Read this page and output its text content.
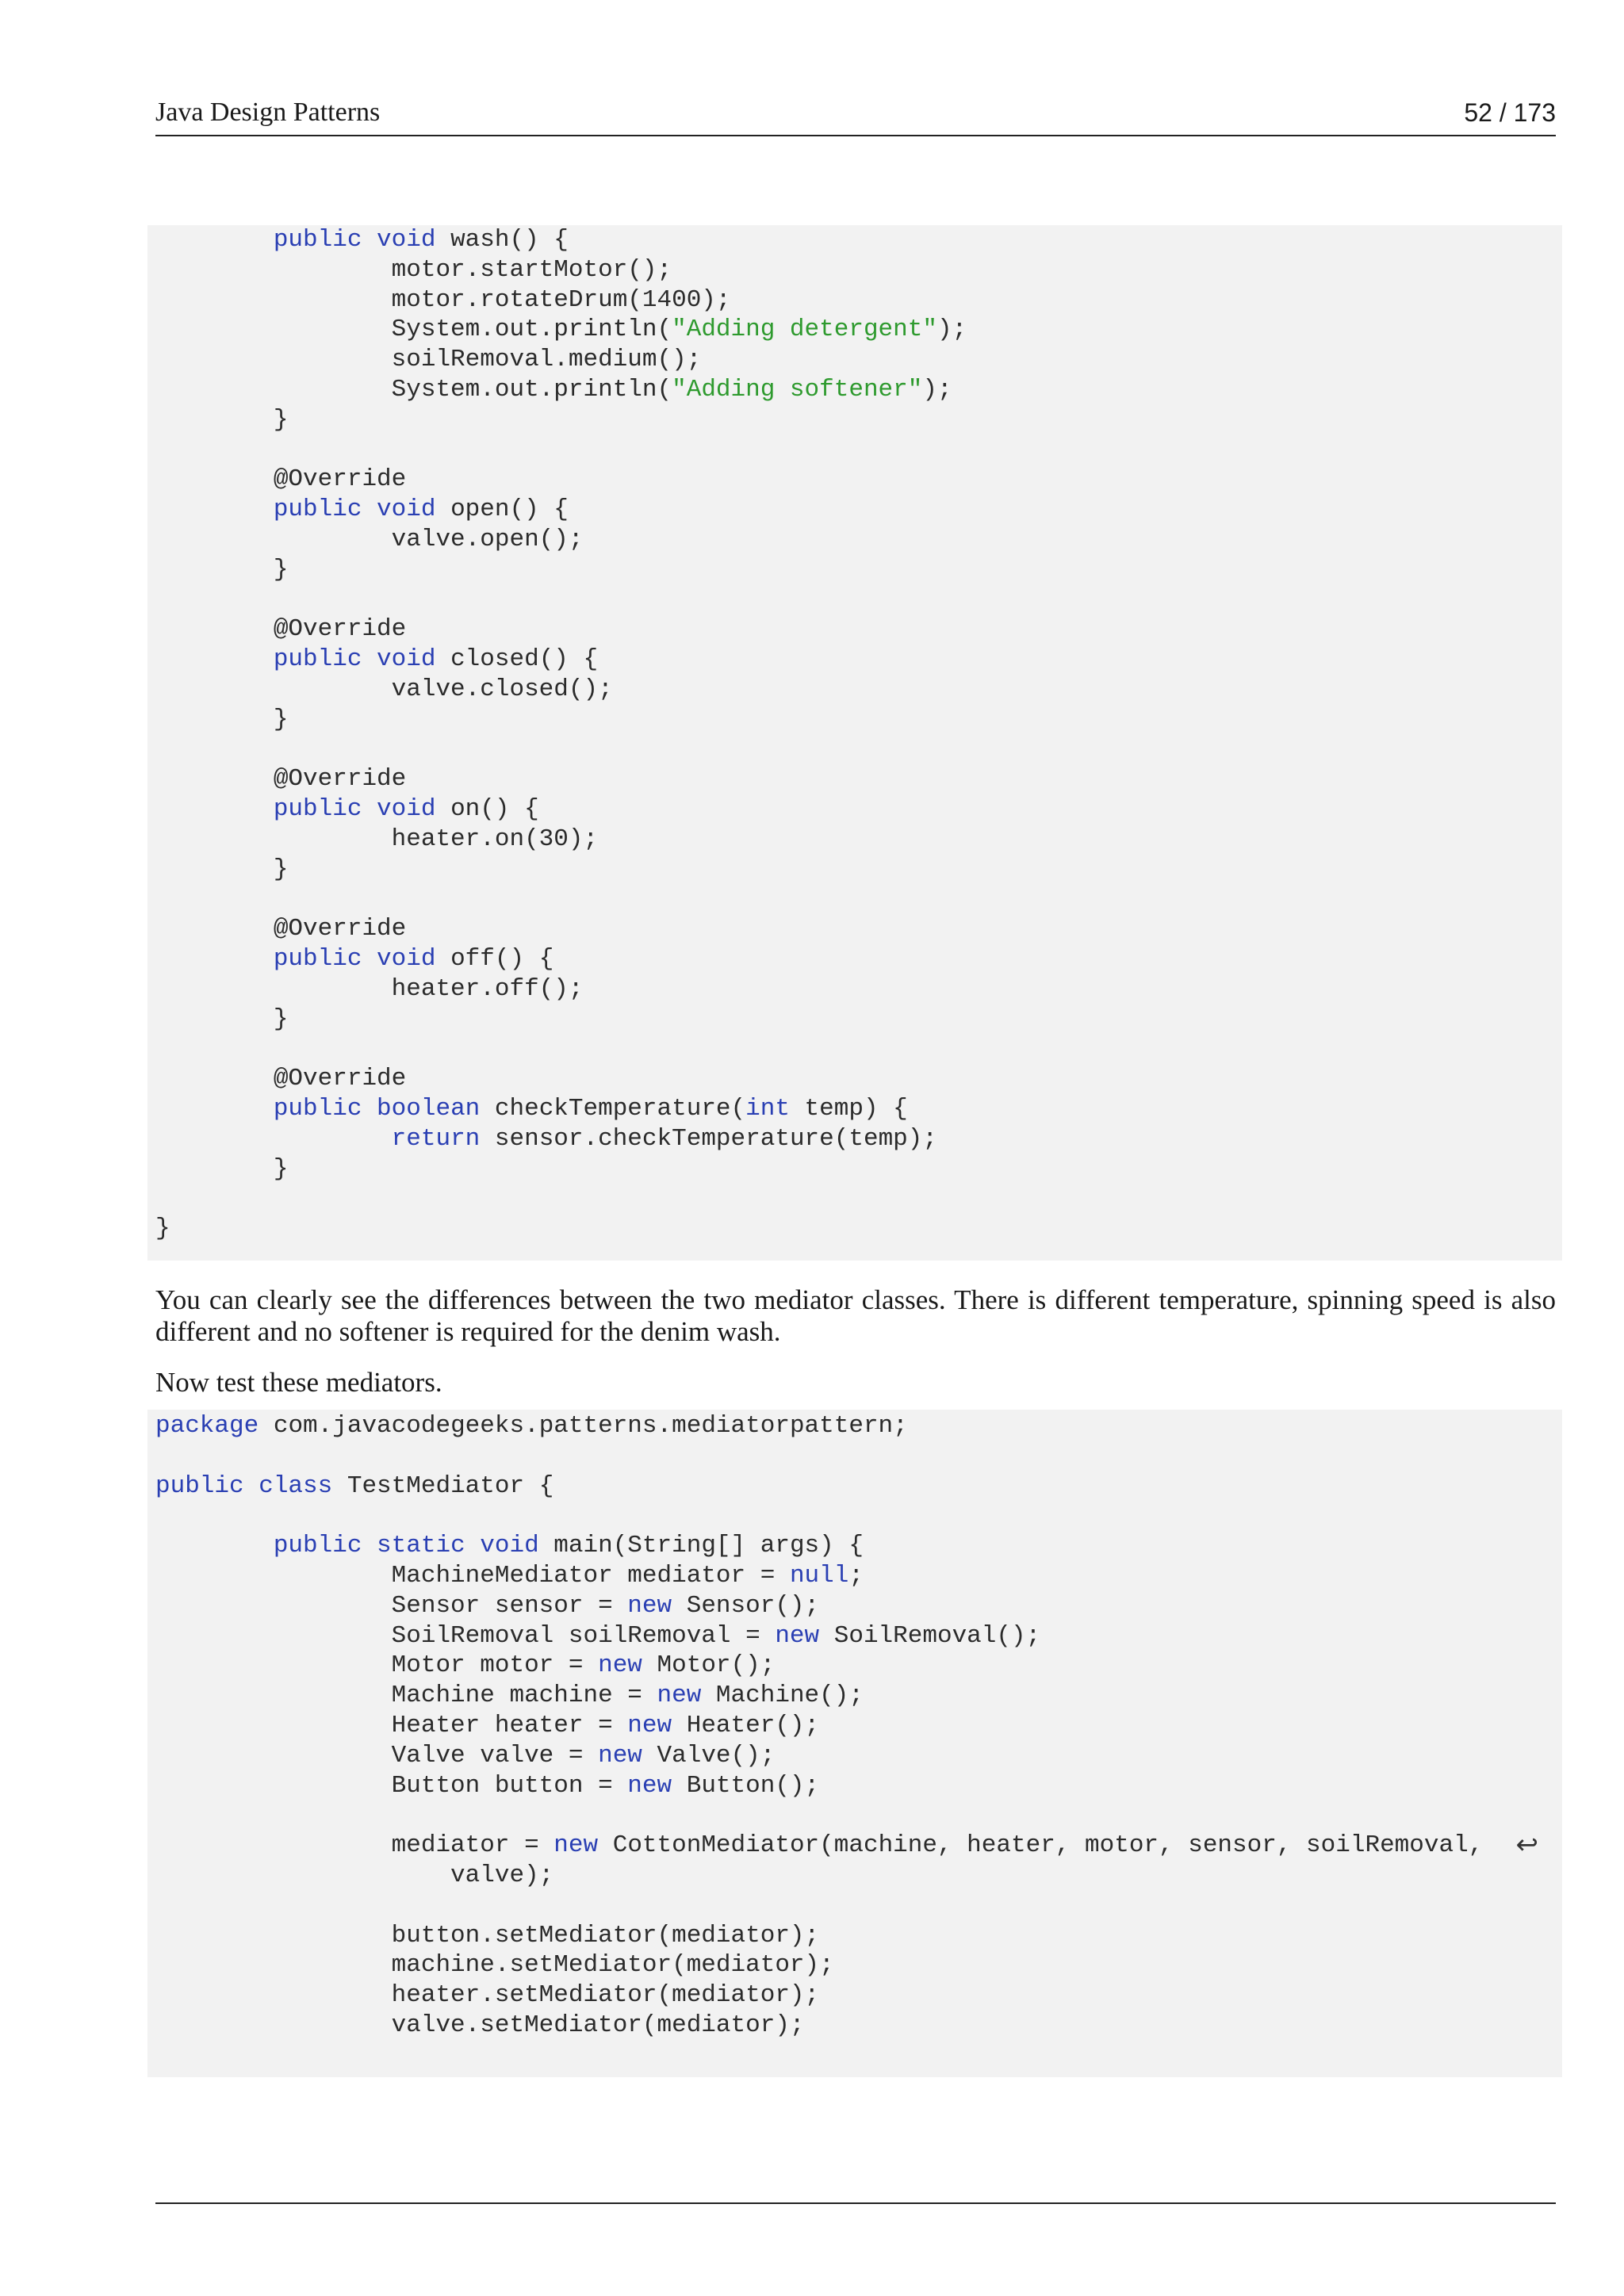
Java Design Patterns	52 / 173
public void wash() {
motor.startMotor();
motor.rotateDrum(1400);
System.out.println("Adding detergent");
soilRemoval.medium();
System.out.println("Adding softener");
}
@Override
public void open() {
valve.open();
}
@Override
public void closed() {
valve.closed();
}
@Override
public void on() {
heater.on(30);
}
@Override
public void off() {
heater.off();
}
@Override
public boolean checkTemperature(int temp) {
return sensor.checkTemperature(temp);
}
}
You can clearly see the differences between the two mediator classes. There is different temperature, spinning speed is also different and no softener is required for the denim wash.
Now test these mediators.
↩
package com.javacodegeeks.patterns.mediatorpattern;
public class TestMediator {
public static void main(String[] args) {
MachineMediator mediator = null;
Sensor sensor = new Sensor();
SoilRemoval soilRemoval = new SoilRemoval();
Motor motor = new Motor();
Machine machine = new Machine();
Heater heater = new Heater();
Valve valve = new Valve();
Button button = new Button();
mediator = new CottonMediator(machine, heater, motor, sensor, soilRemoval,
valve);
button.setMediator(mediator);
machine.setMediator(mediator);
heater.setMediator(mediator);
valve.setMediator(mediator);
